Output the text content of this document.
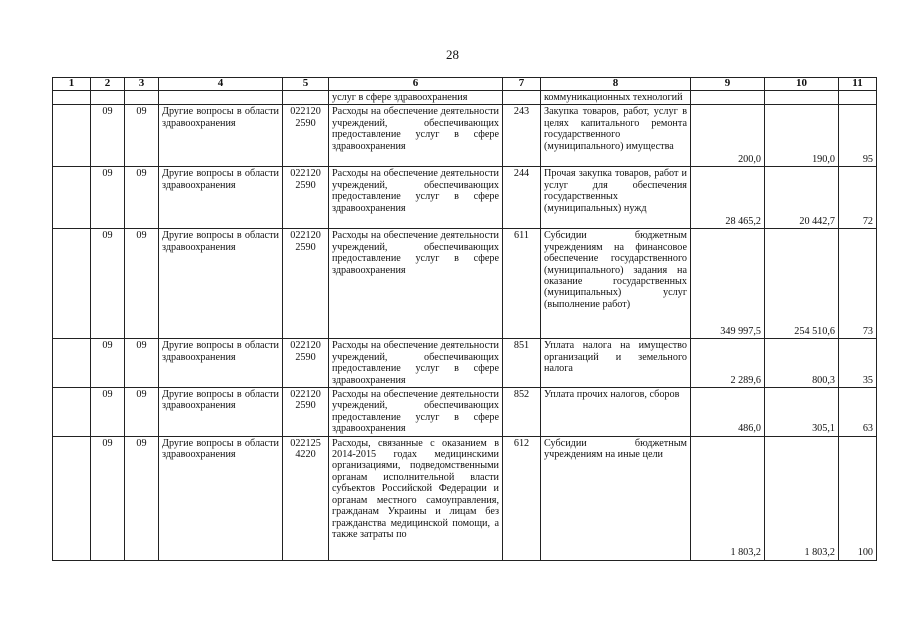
28
1	2	3	4	5	6	7	8	9	10	11
					услуг в сфере здравоохранения		коммуникационных технологий			
	09	09	Другие вопросы в области здравоохранения	022120 2590	Расходы на обеспечение деятельности учреждений, обеспечивающих предоставление услуг в сфере здравоохранения	243	Закупка товаров, работ, услуг в целях капитального ремонта государственного (муниципального) имущества	200,0	190,0	95
	09	09	Другие вопросы в области здравоохранения	022120 2590	Расходы на обеспечение деятельности учреждений, обеспечивающих предоставление услуг в сфере здравоохранения	244	Прочая закупка товаров, работ и услуг для обеспечения государственных (муниципальных) нужд	28 465,2	20 442,7	72
	09	09	Другие вопросы в области здравоохранения	022120 2590	Расходы на обеспечение деятельности учреждений, обеспечивающих предоставление услуг в сфере здравоохранения	611	Субсидии бюджетным учреждениям на финансовое обеспечение государственного (муниципального) задания на оказание государственных (муниципальных) услуг (выполнение работ)	349 997,5	254 510,6	73
	09	09	Другие вопросы в области здравоохранения	022120 2590	Расходы на обеспечение деятельности учреждений, обеспечивающих предоставление услуг в сфере здравоохранения	851	Уплата налога на имущество организаций и земельного налога	2 289,6	800,3	35
	09	09	Другие вопросы в области здравоохранения	022120 2590	Расходы на обеспечение деятельности учреждений, обеспечивающих предоставление услуг в сфере здравоохранения	852	Уплата прочих налогов, сборов	486,0	305,1	63
	09	09	Другие вопросы в области здравоохранения	022125 4220	Расходы, связанные с оказанием в 2014-2015 годах медицинскими организациями, подведомственными органам исполнительной власти субъектов Российской Федерации и органам местного самоуправления, гражданам Украины и лицам без гражданства медицинской помощи, а также затраты по	612	Субсидии бюджетным учреждениям на иные цели	1 803,2	1 803,2	100
